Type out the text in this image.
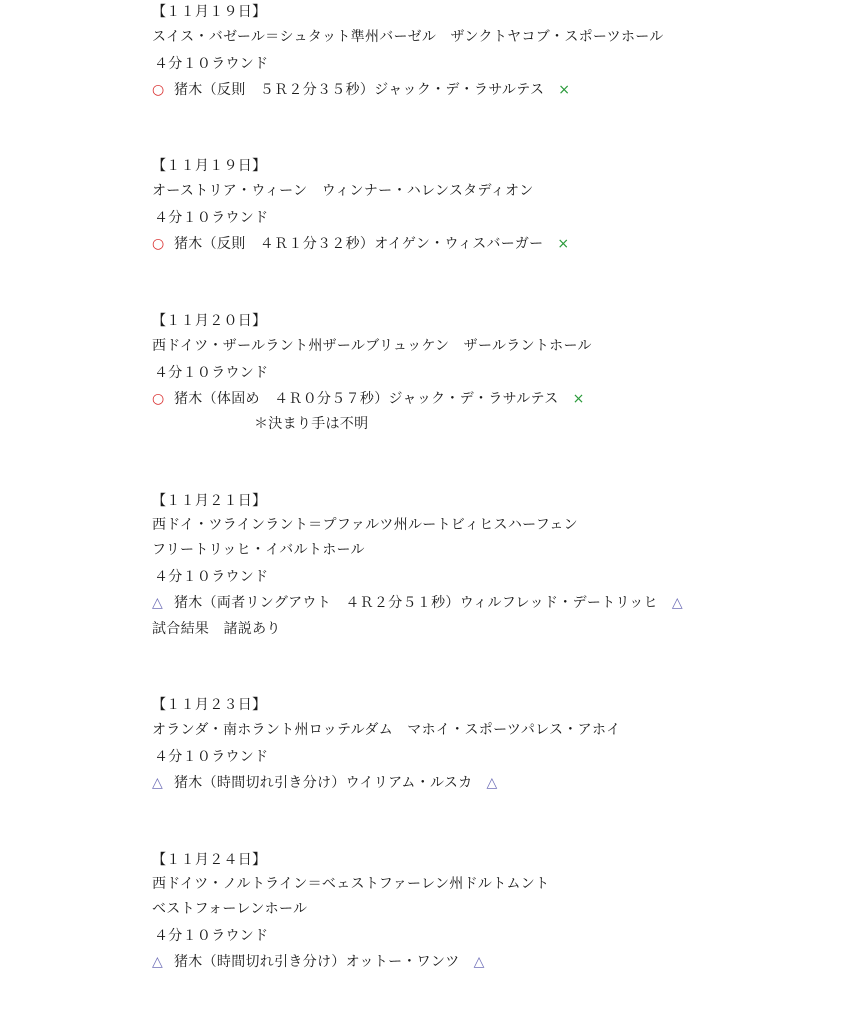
【１１月１９日】
スイス・バゼール＝シュタット準州バーゼル　ザンクトヤコブ・スポーツホール
４分１０ラウンド
○ 猪木（反則　５Ｒ２分３５秒）ジャック・デ・ラサルテス ×
【１１月１９日】
オーストリア・ウィーン　ウィンナー・ハレンスタディオン
４分１０ラウンド
○ 猪木（反則　４Ｒ１分３２秒）オイゲン・ウィスバーガー ×
【１１月２０日】
西ドイツ・ザールラント州ザールブリュッケン　ザールラントホール
４分１０ラウンド
○ 猪木（体固め　４Ｒ０分５７秒）ジャック・デ・ラサルテス ×
＊決まり手は不明
【１１月２１日】
西ドイ・ツラインラント＝プファルツ州ルートビィヒスハーフェン
フリートリッヒ・イバルトホール
４分１０ラウンド
△ 猪木（両者リングアウト　４Ｒ２分５１秒）ウィルフレッド・デートリッヒ △
試合結果　諸説あり
【１１月２３日】
オランダ・南ホラント州ロッテルダム　マホイ・スポーツパレス・アホイ
４分１０ラウンド
△ 猪木（時間切れ引き分け）ウイリアム・ルスカ △
【１１月２４日】
西ドイツ・ノルトライン＝ベェストファーレン州ドルトムント
ベストフォーレンホール
４分１０ラウンド
△ 猪木（時間切れ引き分け）オットー・ワンツ △
